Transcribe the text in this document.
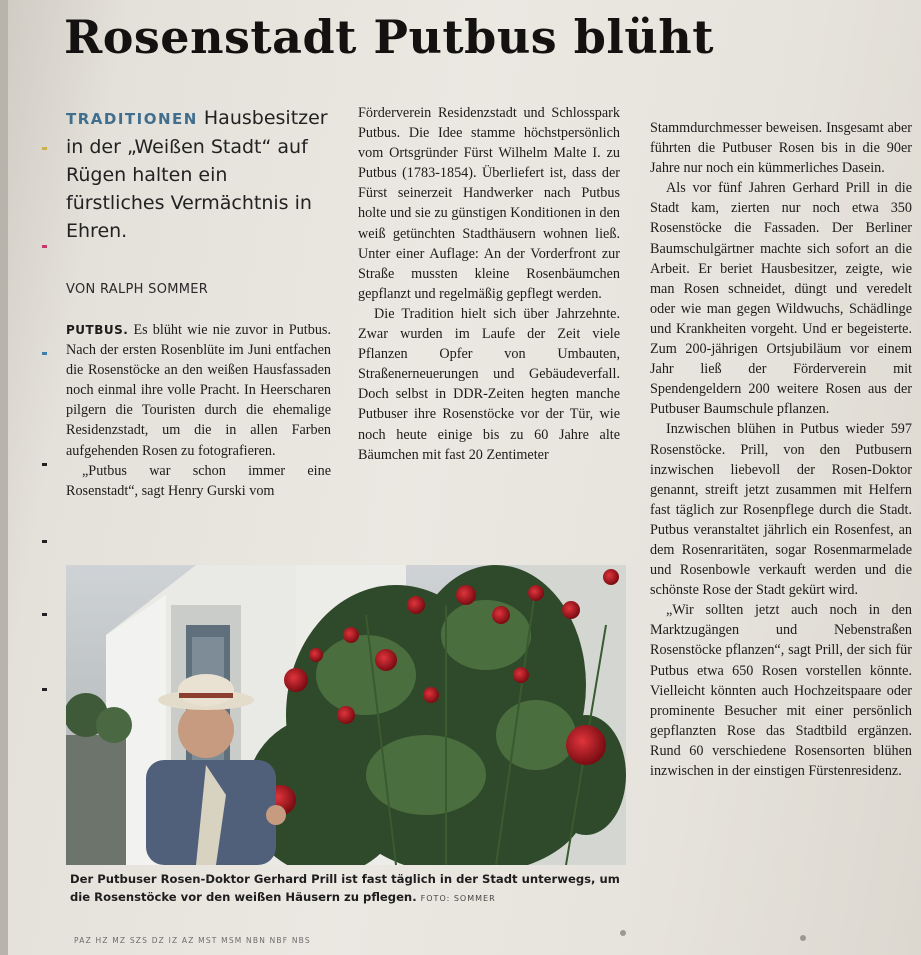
Rosenstadt Putbus blüht
TRADITIONEN Hausbesitzer in der „Weißen Stadt“ auf Rügen halten ein fürstliches Vermächtnis in Ehren.
VON RALPH SOMMER

PUTBUS. Es blüht wie nie zuvor in Putbus. Nach der ersten Rosenblüte im Juni entfachen die Rosenstöcke an den weißen Hausfassaden noch einmal ihre volle Pracht. In Heerscharen pilgern die Touristen durch die ehemalige Residenzstadt, um die in allen Farben aufgehenden Rosen zu fotografieren.

„Putbus war schon immer eine Rosenstadt“, sagt Henry Gurski vom

Förderverein Residenzstadt und Schlosspark Putbus. Die Idee stamme höchstpersönlich vom Ortsgründer Fürst Wilhelm Malte I. zu Putbus (1783-1854). Überliefert ist, dass der Fürst seinerzeit Handwerker nach Putbus holte und sie zu günstigen Konditionen in den weiß getünchten Stadthäusern wohnen ließ. Unter einer Auflage: An der Vorderfront zur Straße mussten kleine Rosenbäumchen gepflanzt und regelmäßig gepflegt werden.

Die Tradition hielt sich über Jahrzehnte. Zwar wurden im Laufe der Zeit viele Pflanzen Opfer von Umbauten, Straßenerneuerungen und Gebäudeverfall. Doch selbst in DDR-Zeiten hegten manche Putbuser ihre Rosenstöcke vor der Tür, wie noch heute einige bis zu 60 Jahre alte Bäumchen mit fast 20 Zentimeter

Stammdurchmesser beweisen. Insgesamt aber führten die Putbuser Rosen bis in die 90er Jahre nur noch ein kümmerliches Dasein.

Als vor fünf Jahren Gerhard Prill in die Stadt kam, zierten nur noch etwa 350 Rosenstöcke die Fassaden. Der Berliner Baumschulgärtner machte sich sofort an die Arbeit. Er beriet Hausbesitzer, zeigte, wie man Rosen schneidet, düngt und veredelt oder wie man gegen Wildwuchs, Schädlinge und Krankheiten vorgeht. Und er begeisterte. Zum 200-jährigen Ortsjubiläum vor einem Jahr ließ der Förderverein mit Spendengeldern 200 weitere Rosen aus der Putbuser Baumschule pflanzen.

Inzwischen blühen in Putbus wieder 597 Rosenstöcke. Prill, von den Putbusern inzwischen liebevoll der Rosen-Doktor genannt, streift jetzt zusammen mit Helfern fast täglich zur Rosenpflege durch die Stadt. Putbus veranstaltet jährlich ein Rosenfest, an dem Rosenraritäten, sogar Rosenmarmelade und Rosenbowle verkauft werden und die schönste Rose der Stadt gekürt wird.

„Wir sollten jetzt auch noch in den Marktzugängen und Nebenstraßen Rosenstöcke pflanzen“, sagt Prill, der sich für Putbus etwa 650 Rosen vorstellen könnte. Vielleicht könnten auch Hochzeitspaare oder prominente Besucher mit einer persönlich gepflanzten Rose das Stadtbild ergänzen. Rund 60 verschiedene Rosensorten blühen inzwischen in der einstigen Fürstenresidenz.

Der Putbuser Rosen-Doktor Gerhard Prill ist fast täglich in der Stadt unterwegs, um die Rosenstöcke vor den weißen Häusern zu pflegen. FOTO: SOMMER
PAZ HZ MZ SZS DZ IZ AZ MST MSM NBN NBF NBS
